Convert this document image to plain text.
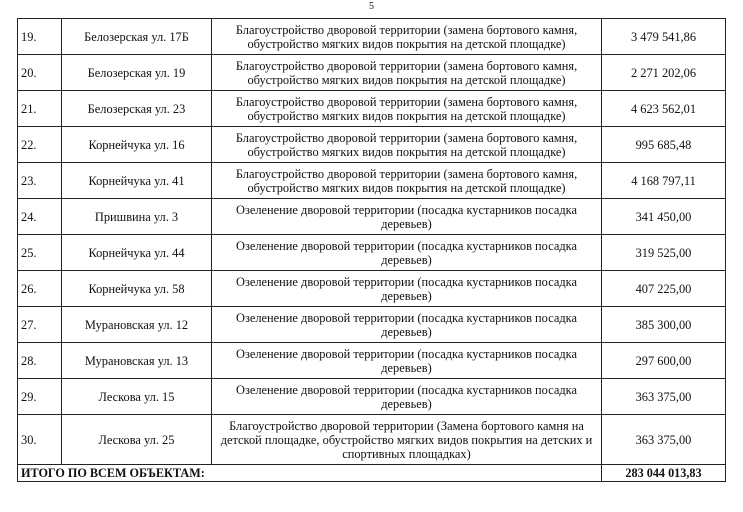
5
19.	Белозерская ул. 17Б	Благоустройство дворовой территории (замена бортового камня, обустройство мягких видов покрытия на детской площадке)	3 479 541,86
20.	Белозерская ул. 19	Благоустройство дворовой территории (замена бортового камня, обустройство мягких видов покрытия на детской площадке)	2 271 202,06
21.	Белозерская ул. 23	Благоустройство дворовой территории (замена бортового камня, обустройство мягких видов покрытия на детской площадке)	4 623 562,01
22.	Корнейчука ул. 16	Благоустройство дворовой территории (замена бортового камня, обустройство мягких видов покрытия на детской площадке)	995 685,48
23.	Корнейчука ул. 41	Благоустройство дворовой территории (замена бортового камня, обустройство мягких видов покрытия на детской площадке)	4 168 797,11
24.	Пришвина ул. 3	Озеленение дворовой территории (посадка кустарников посадка деревьев)	341 450,00
25.	Корнейчука ул. 44	Озеленение дворовой территории (посадка кустарников посадка деревьев)	319 525,00
26.	Корнейчука ул. 58	Озеленение дворовой территории (посадка кустарников посадка деревьев)	407 225,00
27.	Мурановская ул. 12	Озеленение дворовой территории (посадка кустарников посадка деревьев)	385 300,00
28.	Мурановская ул. 13	Озеленение дворовой территории (посадка кустарников посадка деревьев)	297 600,00
29.	Лескова ул. 15	Озеленение дворовой территории (посадка кустарников посадка деревьев)	363 375,00
30.	Лескова ул. 25	Благоустройство дворовой территории (Замена бортового камня на детской площадке, обустройство мягких видов покрытия на детских и спортивных площадках)	363 375,00
ИТОГО ПО ВСЕМ ОБЪЕКТАМ:			283 044 013,83
